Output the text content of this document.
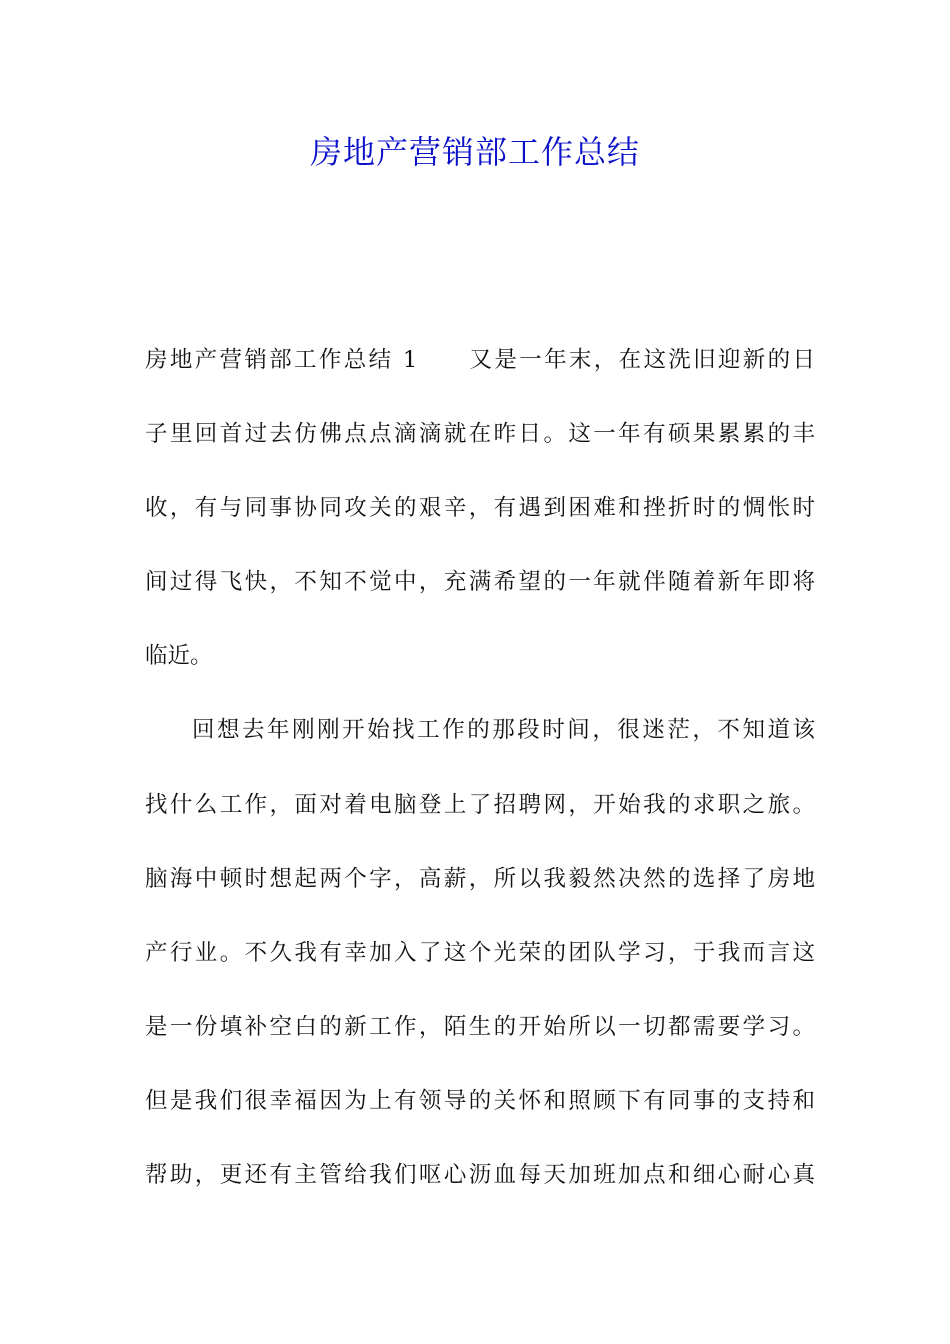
房地产营销部工作总结
房地产营销部工作总结 1 又是一年末，在这洗旧迎新的日
子里回首过去仿佛点点滴滴就在昨日。这一年有硕果累累的丰
收，有与同事协同攻关的艰辛，有遇到困难和挫折时的惆怅时
间过得飞快，不知不觉中，充满希望的一年就伴随着新年即将
临近。
回想去年刚刚开始找工作的那段时间，很迷茫，不知道该
找什么工作，面对着电脑登上了招聘网，开始我的求职之旅。
脑海中顿时想起两个字，高薪，所以我毅然决然的选择了房地
产行业。不久我有幸加入了这个光荣的团队学习，于我而言这
是一份填补空白的新工作，陌生的开始所以一切都需要学习。
但是我们很幸福因为上有领导的关怀和照顾下有同事的支持和
帮助，更还有主管给我们呕心沥血每天加班加点和细心耐心真
